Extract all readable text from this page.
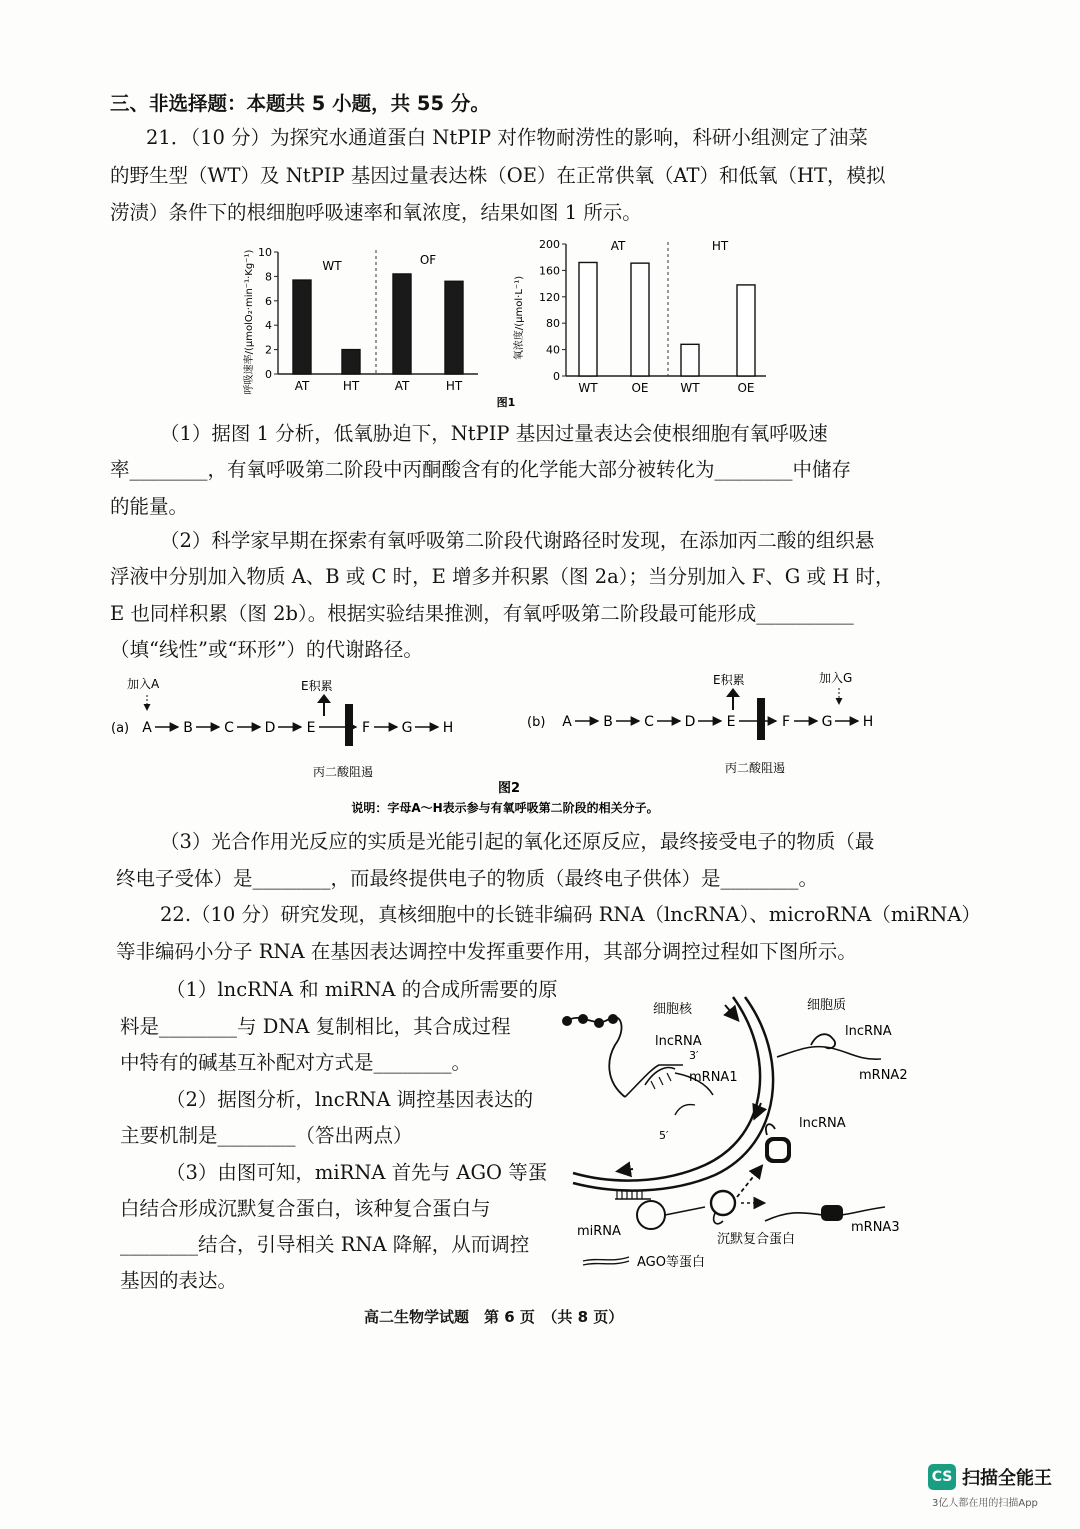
三、非选择题：本题共 5 小题，共 55 分。
21．（10 分）为探究水通道蛋白 NtPIP 对作物耐涝性的影响，科研小组测定了油菜
的野生型（WT）及 NtPIP 基因过量表达株（OE）在正常供氧（AT）和低氧（HT，模拟
涝渍）条件下的根细胞呼吸速率和氧浓度，结果如图 1 所示。
呼吸速率/(μmolO₂·min⁻¹·Kg⁻¹) 0
2
4
6
8
10
AT	HT	AT	HT
WT	OF
氧浓度/(μmol·L⁻¹)
0
40
80
120
160
200
WT	OE	WT	OE
AT	HT
图1
（1）据图 1 分析，低氧胁迫下，NtPIP 基因过量表达会使根细胞有氧呼吸速
率________，有氧呼吸第二阶段中丙酮酸含有的化学能大部分被转化为________中储存
的能量。
（2）科学家早期在探索有氧呼吸第二阶段代谢路径时发现，在添加丙二酸的组织悬
浮液中分别加入物质 A、B 或 C 时，E 增多并积累（图 2a）；当分别加入 F、G 或 H 时，
E 也同样积累（图 2b）。根据实验结果推测，有氧呼吸第二阶段最可能形成__________
（填“线性”或“环形”）的代谢路径。
加入A
(a)
E积累
丙二酸阻遏
A B C D E	F G H	(b)
E积累	加入G
丙二酸阻遏
A B C D E	F G H
图2
说明：字母A～H表示参与有氧呼吸第二阶段的相关分子。
（3）光合作用光反应的实质是光能引起的氧化还原反应，最终接受电子的物质（最
终电子受体）是________，而最终提供电子的物质（最终电子供体）是________。
22.（10 分）研究发现，真核细胞中的长链非编码 RNA（lncRNA）、microRNA（miRNA）
等非编码小分子 RNA 在基因表达调控中发挥重要作用，其部分调控过程如下图所示。
（1）lncRNA 和 miRNA 的合成所需要的原
料是________与 DNA 复制相比，其合成过程
中特有的碱基互补配对方式是________。
（2）据图分析，lncRNA 调控基因表达的
主要机制是________（答出两点）
（3）由图可知，miRNA 首先与 AGO 等蛋
白结合形成沉默复合蛋白，该种复合蛋白与
________结合，引导相关 RNA 降解，从而调控
基因的表达。
lncRNA
3′
mRNA1
5′
细胞核	细胞质
lncRNA
mRNA2
lncRNA
mRNA3
miRNA
沉默复合蛋白
AGO等蛋白
高二生物学试题　第 6 页　（共 8 页）
CS 扫描全能王
3亿人都在用的扫描App
